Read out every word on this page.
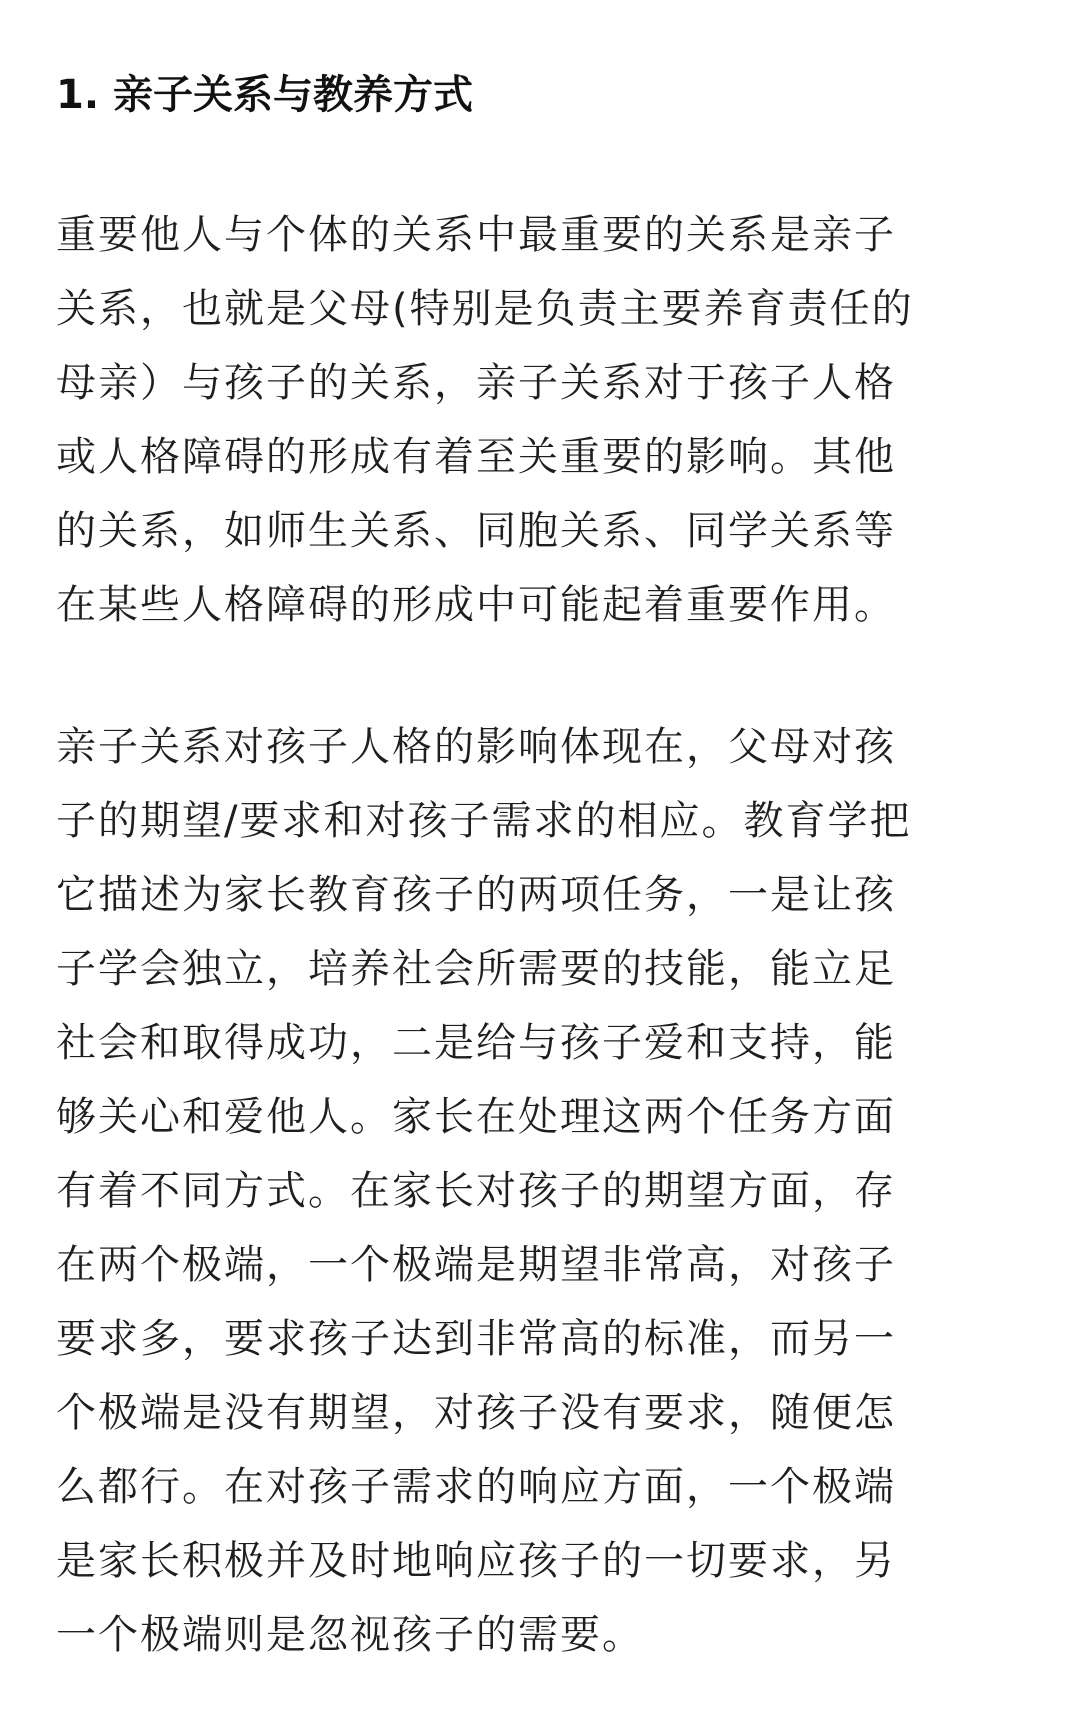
1. 亲子关系与教养方式

重要他人与个体的关系中最重要的关系是亲子
关系，也就是父母(特别是负责主要养育责任的
母亲）与孩子的关系，亲子关系对于孩子人格
或人格障碍的形成有着至关重要的影响。其他
的关系，如师生关系、同胞关系、同学关系等
在某些人格障碍的形成中可能起着重要作用。

亲子关系对孩子人格的影响体现在，父母对孩
子的期望/要求和对孩子需求的相应。教育学把
它描述为家长教育孩子的两项任务，一是让孩
子学会独立，培养社会所需要的技能，能立足
社会和取得成功，二是给与孩子爱和支持，能
够关心和爱他人。家长在处理这两个任务方面
有着不同方式。在家长对孩子的期望方面，存
在两个极端，一个极端是期望非常高，对孩子
要求多，要求孩子达到非常高的标准，而另一
个极端是没有期望，对孩子没有要求，随便怎
么都行。在对孩子需求的响应方面，一个极端
是家长积极并及时地响应孩子的一切要求，另
一个极端则是忽视孩子的需要。
